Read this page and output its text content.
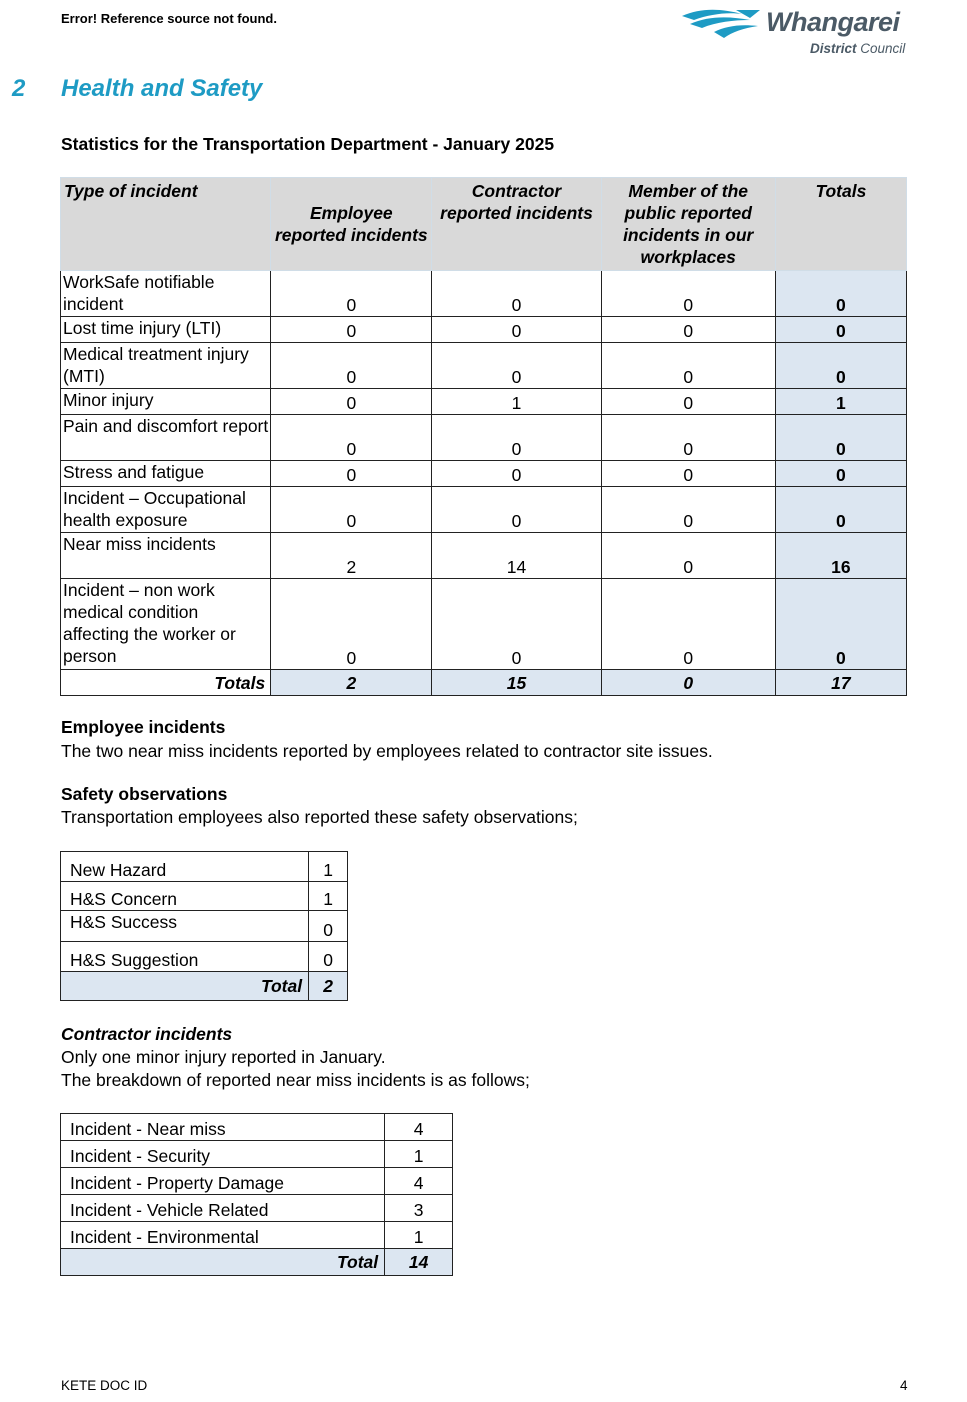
Error! Reference source not found.	Whangarei
District Council
2 Health and Safety
Statistics for the Transportation Department - January 2025
Type of incident	Employee reported incidents	Contractor reported incidents	Member of the public reported incidents in our workplaces	Totals
WorkSafe notifiable incident	0	0	0	0
Lost time injury (LTI)	0	0	0	0
Medical treatment injury (MTI)	0	0	0	0
Minor injury	0	1	0	1
Pain and discomfort report	0	0	0	0
Stress and fatigue	0	0	0	0
Incident – Occupational health exposure	0	0	0	0
Near miss incidents	2	14	0	16
Incident – non work medical condition affecting the worker or person	0	0	0	0
Totals	2	15	0	17
Employee incidents
The two near miss incidents reported by employees related to contractor site issues.
Safety observations
Transportation employees also reported these safety observations;
New Hazard	1
H&S Concern	1
H&S Success	0
H&S Suggestion	0
Total	2
Contractor incidents
Only one minor injury reported in January.
The breakdown of reported near miss incidents is as follows;
Incident - Near miss	4
Incident - Security	1
Incident - Property Damage	4
Incident - Vehicle Related	3
Incident - Environmental	1
Total	14
KETE DOC ID	4
